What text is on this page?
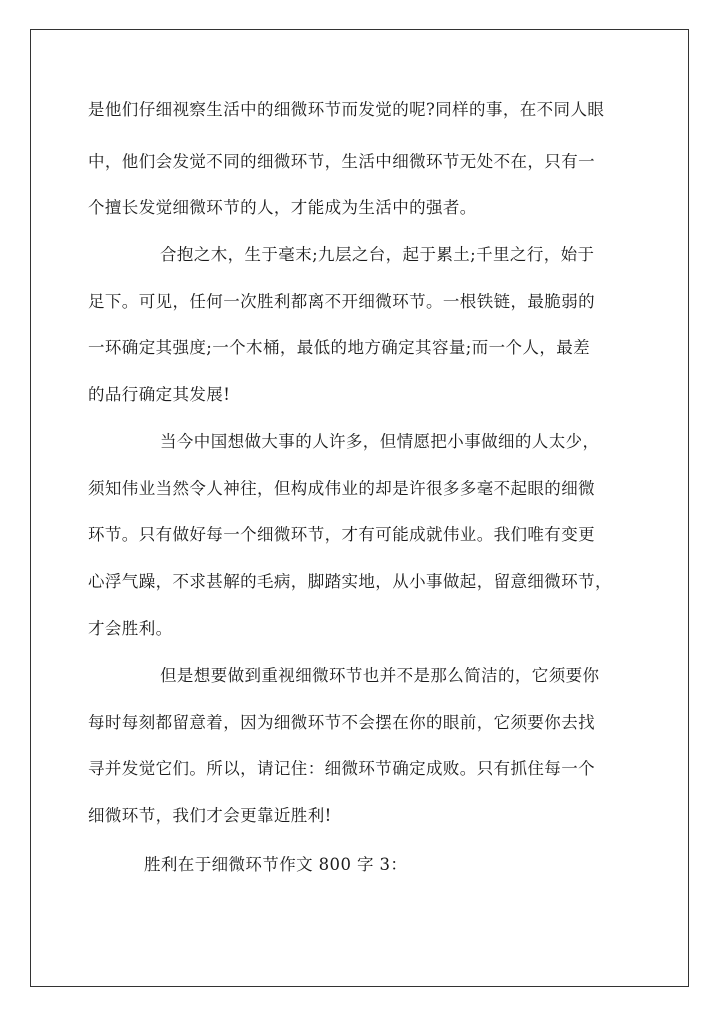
是他们仔细视察生活中的细微环节而发觉的呢?同样的事，在不同人眼
中，他们会发觉不同的细微环节，生活中细微环节无处不在，只有一
个擅长发觉细微环节的人，才能成为生活中的强者。
合抱之木，生于毫末;九层之台，起于累土;千里之行，始于
足下。可见，任何一次胜利都离不开细微环节。一根铁链，最脆弱的
一环确定其强度;一个木桶，最低的地方确定其容量;而一个人，最差
的品行确定其发展!
当今中国想做大事的人许多，但情愿把小事做细的人太少，
须知伟业当然令人神往，但构成伟业的却是许很多多毫不起眼的细微
环节。只有做好每一个细微环节，才有可能成就伟业。我们唯有变更
心浮气躁，不求甚解的毛病，脚踏实地，从小事做起，留意细微环节，
才会胜利。
但是想要做到重视细微环节也并不是那么简洁的，它须要你
每时每刻都留意着，因为细微环节不会摆在你的眼前，它须要你去找
寻并发觉它们。所以，请记住：细微环节确定成败。只有抓住每一个
细微环节，我们才会更靠近胜利!
胜利在于细微环节作文 800 字 3：
